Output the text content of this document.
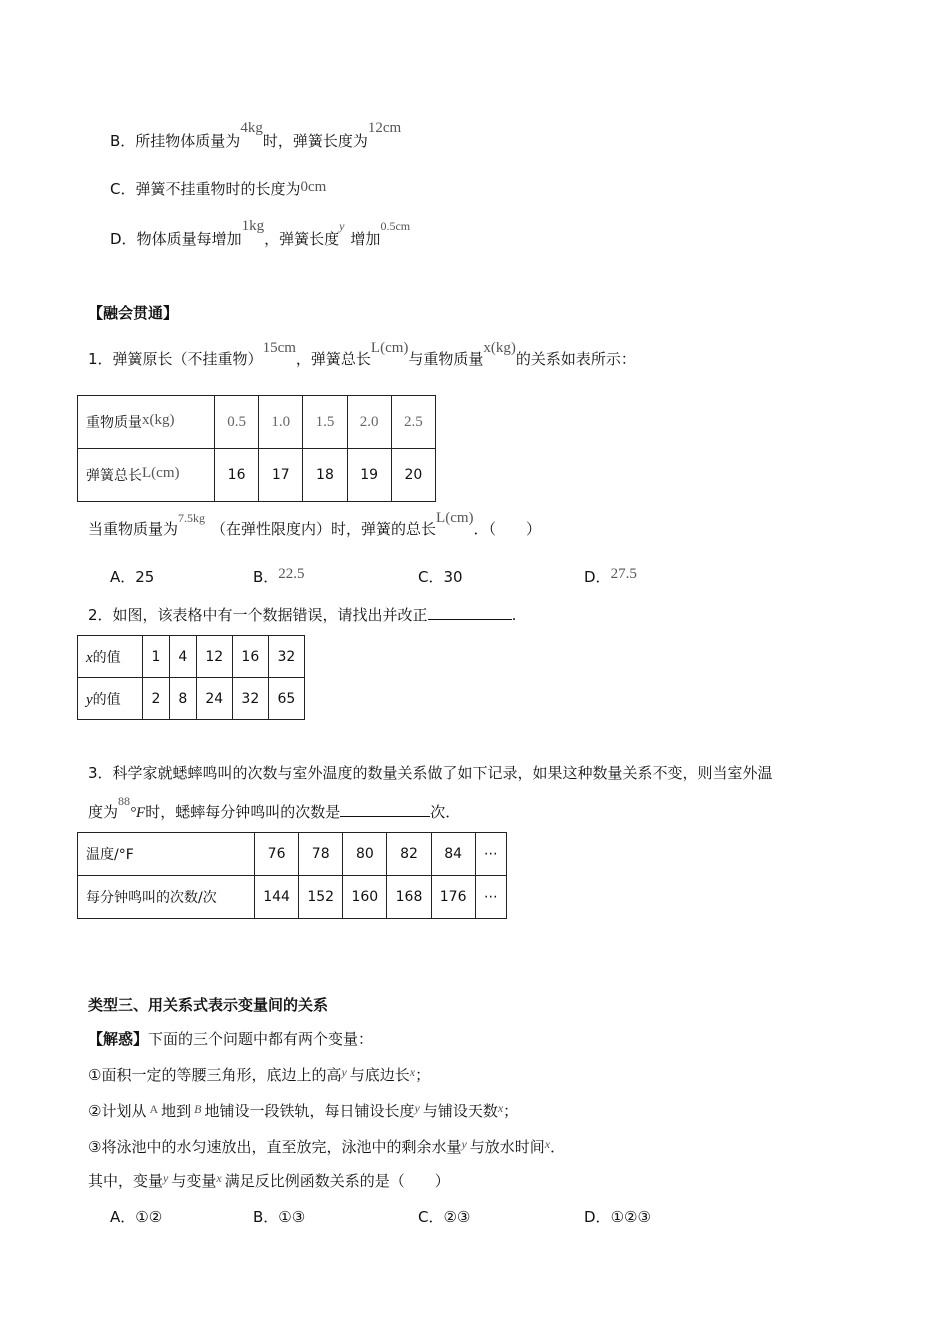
B．所挂物体质量为4kg时，弹簧长度为12cm
C．弹簧不挂重物时的长度为0cm
D．物体质量每增加1kg，弹簧长度$^y$增加$^{0.5cm}$
【融会贯通】
1．弹簧原长（不挂重物）15cm，弹簧总长L(cm)与重物质量x(kg)的关系如表所示：
重物质量x(kg)	0.5	1.0	1.5	2.0	2.5
弹簧总长L(cm)	16	17	18	19	20
当重物质量为$^{7.5kg}$（在弹性限度内）时，弹簧的总长L(cm)．（　　）
A．25	B．22.5	C．30	D．27.5
2．如图，该表格中有一个数据错误，请找出并改正	.
x的值	1	4	12	16	32
y的值	2	8	24	32	65
3．科学家就蟋蟀鸣叫的次数与室外温度的数量关系做了如下记录，如果这种数量关系不变，则当室外温
度为$^{88}$°F时，蟋蟀每分钟鸣叫的次数是	次．
温度/°F	76	78	80	82	84	⋯
每分钟鸣叫的次数/次	144	152	160	168	176	⋯
类型三、用关系式表示变量间的关系
【解惑】下面的三个问题中都有两个变量：
①面积一定的等腰三角形，底边上的高$^y$ 与底边长$^x$；
②计划从 $^A$ 地到 $^B$ 地铺设一段铁轨，每日铺设长度$^y$ 与铺设天数$^x$；
③将泳池中的水匀速放出，直至放完，泳池中的剩余水量$^y$ 与放水时间$^x$．
其中，变量$^y$ 与变量$^x$ 满足反比例函数关系的是（　　）
A．①②	B．①③	C．②③	D．①②③
